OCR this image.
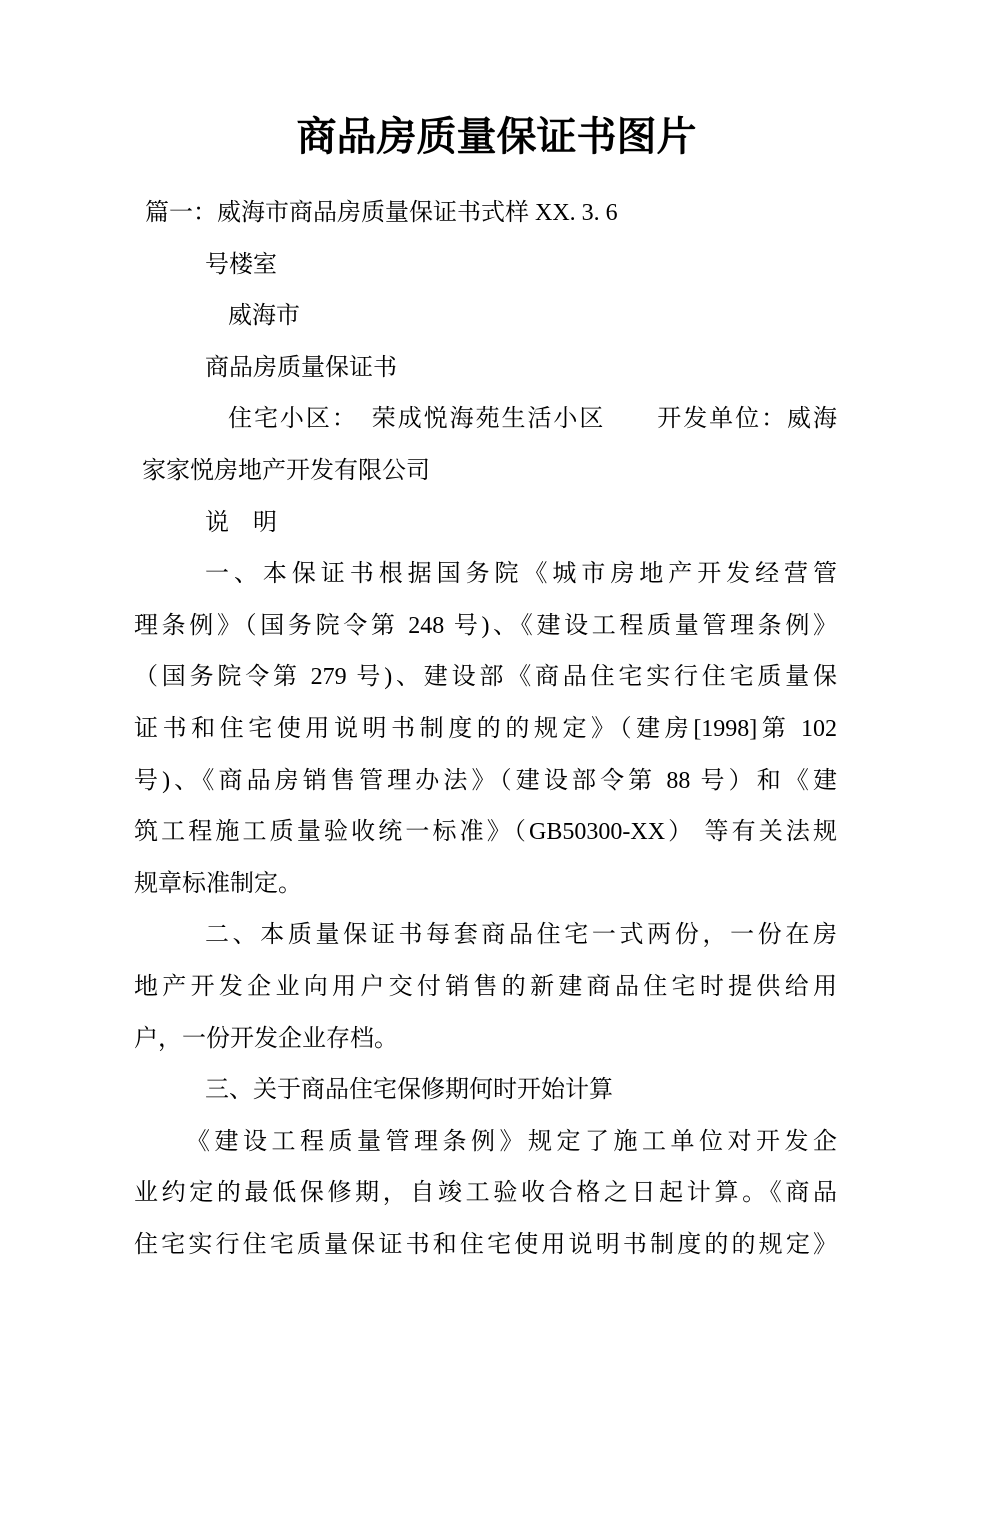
商品房质量保证书图片
篇一：威海市商品房质量保证书式样 XX. 3. 6
号楼室
威海市
商品房质量保证书
住宅小区：　荣成悦海苑生活小区　　开发单位：威海
家家悦房地产开发有限公司
说　明
一、本保证书根据国务院《城市房地产开发经营管
理条例》（国务院令第 248 号)、《建设工程质量管理条例》
（国务院令第 279 号)、建设部《商品住宅实行住宅质量保
证书和住宅使用说明书制度的的规定》（建房[1998]第 102
号)、《商品房销售管理办法》（建设部令第 88 号）和《建
筑工程施工质量验收统一标准》（GB50300-XX） 等有关法规
规章标准制定。
二、本质量保证书每套商品住宅一式两份，一份在房
地产开发企业向用户交付销售的新建商品住宅时提供给用
户，一份开发企业存档。
三、关于商品住宅保修期何时开始计算
《建设工程质量管理条例》规定了施工单位对开发企
业约定的最低保修期，自竣工验收合格之日起计算。《商品
住宅实行住宅质量保证书和住宅使用说明书制度的的规定》
